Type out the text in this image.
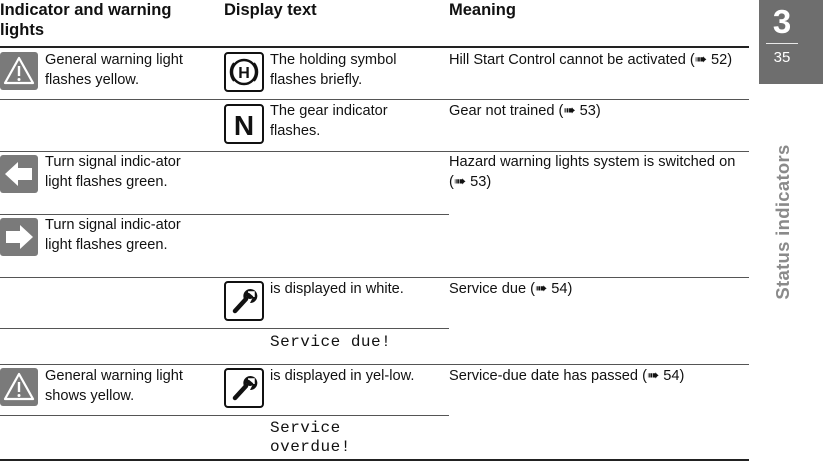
Indicator and warning lights
Display text	Meaning
General warning light flashes yellow.	H
The holding symbol flashes briefly.
Hill Start Control cannot be activated (➠ 52)
N The gear indicator flashes.
Gear not trained (➠ 53)
Turn signal indic-ator light flashes green.
Hazard warning lights system is switched on (➠ 53)
Turn signal indic-ator light flashes green.
is displayed in white.
Service due!
Service due (➠ 54)
General warning light shows yellow.
is displayed in yel-low.
Service overdue!
Service-due date has passed (➠ 54)
3
35
Status indicators
